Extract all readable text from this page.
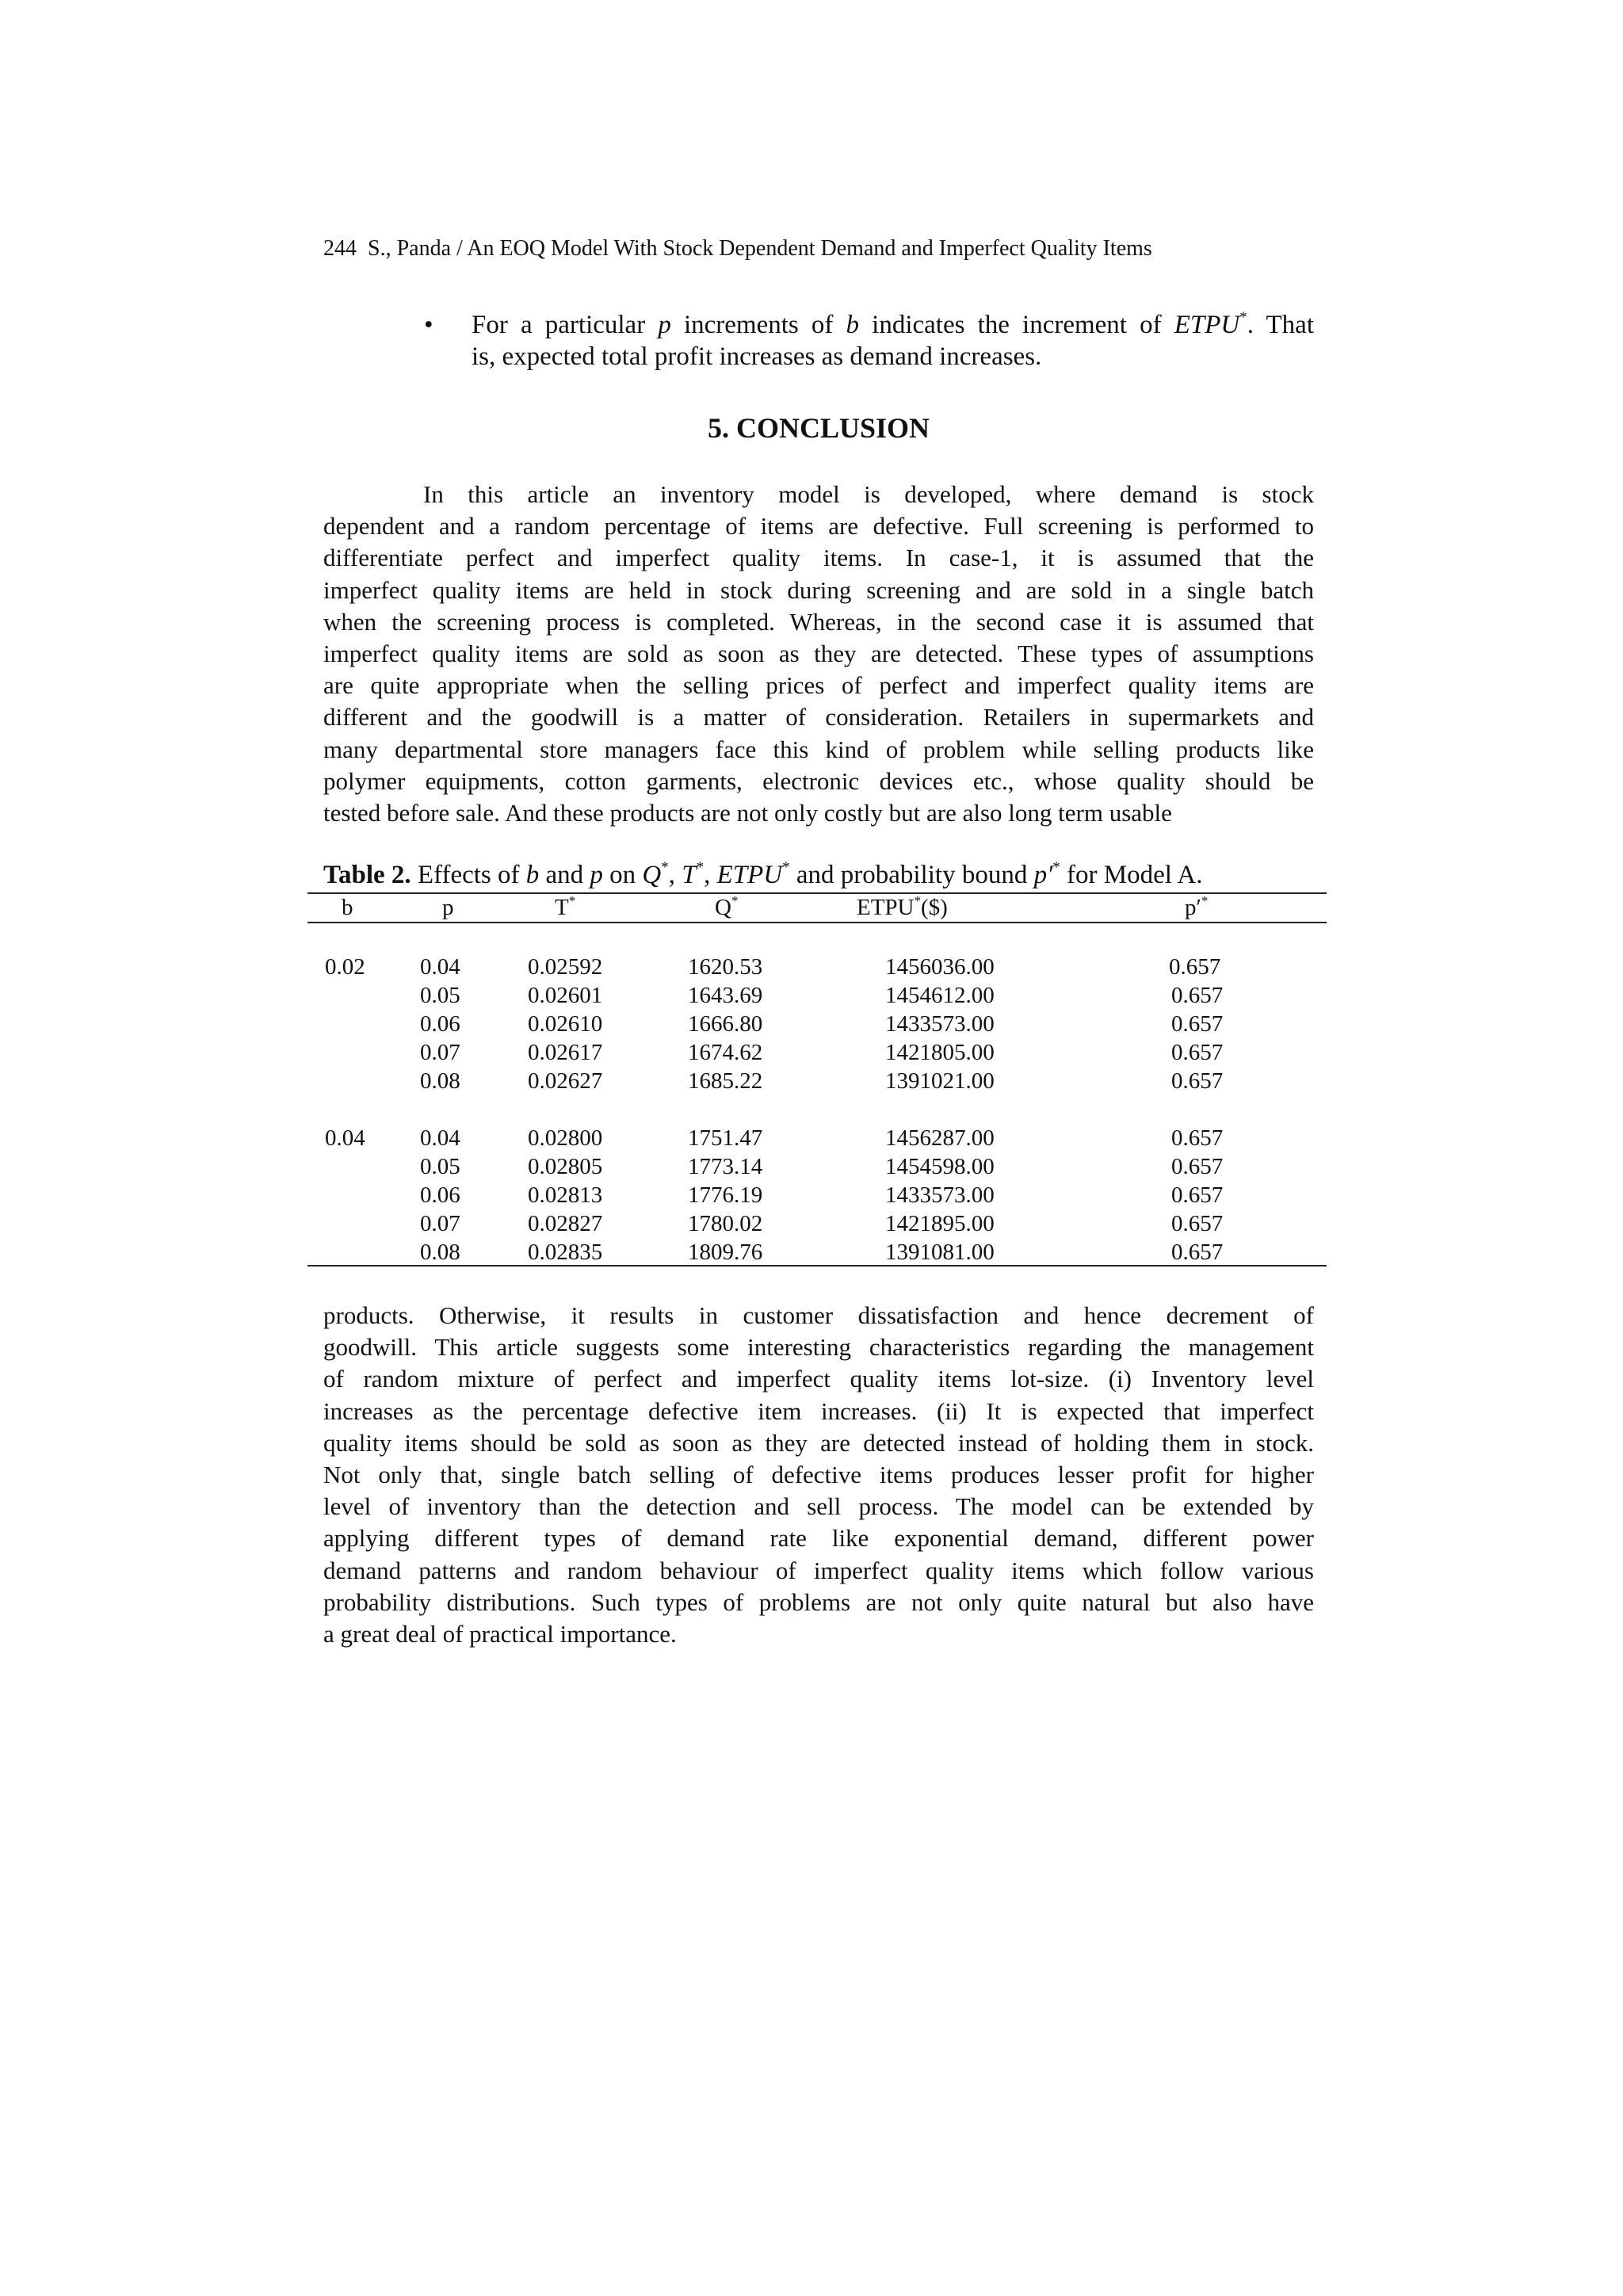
244 S., Panda / An EOQ Model With Stock Dependent Demand and Imperfect Quality Items
• For a particular p increments of b indicates the increment of ETPU*. That

is, expected total profit increases as demand increases.

5. CONCLUSION
In this article an inventory model is developed, where demand is stock
dependent and a random percentage of items are defective. Full screening is performed to
differentiate perfect and imperfect quality items. In case-1, it is assumed that the
imperfect quality items are held in stock during screening and are sold in a single batch
when the screening process is completed. Whereas, in the second case it is assumed that
imperfect quality items are sold as soon as they are detected. These types of assumptions
are quite appropriate when the selling prices of perfect and imperfect quality items are
different and the goodwill is a matter of consideration. Retailers in supermarkets and
many departmental store managers face this kind of problem while selling products like
polymer equipments, cotton garments, electronic devices etc., whose quality should be
tested before sale. And these products are not only costly but are also long term usable
Table 2. Effects of b and p on Q*, T*, ETPU* and probability bound p′* for Model A.
b	p	T*	Q*	ETPU*($)	p′*
0.02 0.04	0.02592	1620.53	1456036.00	0.657
0.05	0.02601	1643.69	1454612.00	0.657
0.06	0.02610	1666.80	1433573.00	0.657
0.07	0.02617	1674.62	1421805.00	0.657
0.08	0.02627	1685.22	1391021.00	0.657
0.04 0.04	0.02800	1751.47	1456287.00	0.657
0.05	0.02805	1773.14	1454598.00	0.657
0.06	0.02813	1776.19	1433573.00	0.657
0.07	0.02827	1780.02	1421895.00	0.657
0.08	0.02835	1809.76	1391081.00	0.657
products. Otherwise, it results in customer dissatisfaction and hence decrement of
goodwill. This article suggests some interesting characteristics regarding the management
of random mixture of perfect and imperfect quality items lot-size. (i) Inventory level
increases as the percentage defective item increases. (ii) It is expected that imperfect
quality items should be sold as soon as they are detected instead of holding them in stock.
Not only that, single batch selling of defective items produces lesser profit for higher
level of inventory than the detection and sell process. The model can be extended by
applying different types of demand rate like exponential demand, different power
demand patterns and random behaviour of imperfect quality items which follow various
probability distributions. Such types of problems are not only quite natural but also have
a great deal of practical importance.
